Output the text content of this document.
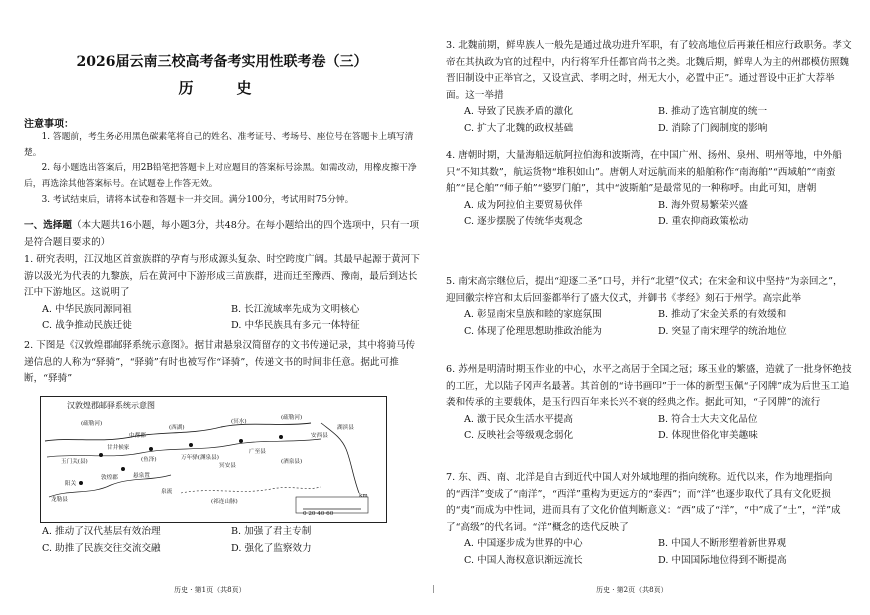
2026届云南三校高考备考实用性联考卷（三）
历　史
注意事项：

1. 答题前，考生务必用黑色碳素笔将自己的姓名、准考证号、考场号、座位号在答题卡上填写清楚。

2. 每小题选出答案后，用2B铅笔把答题卡上对应题目的答案标号涂黑。如需改动，用橡皮擦干净后，再选涂其他答案标号。在试题卷上作答无效。

3. 考试结束后，请将本试卷和答题卡一并交回。满分100分，考试用时75分钟。

一、选择题（本大题共16小题，每小题3分，共48分。在每小题给出的四个选项中，只有一项是符合题目要求的）

1. 研究表明，江汉地区首蛮族群的孕育与形成源头复杂、时空跨度广阔。其最早起源于黄河下游以汲光为代表的九黎族，后在黄河中下游形成三苗族群，进而迁至豫西、豫南，最后到达长江中下游地区。这说明了

A. 中华民族同源同祖	B. 长江流域率先成为文明核心
C. 战争推动民族迁徙	D. 中华民族具有多元一体特征

2. 下图是《汉敦煌郡邮驿系统示意图》。据甘肃悬泉汉简留存的文书传递记录，其中将骑马传递信息的人称为“驿骑”，“驿骑”有时也被写作“译骑”，传递文书的时间非任意。据此可推断，“驿骑”

A. 推动了汉代基层有效治理	B. 加强了君主专制
C. 助推了民族交往交流交融	D. 强化了监察效力
历史 · 第1页（共8页）
汉敦煌郡邮驿系统示意图
(疏勒河)
中都郡
(西湖)
(冥水)
(疏勒河)
安西县
湖滨县
玉门关(县)
甘井候家
(鱼泽)	万年驿(渊泉县)
广至县
阳关
龙勒县
敦煌郡	悬泉置
冥安县
(祁连山脉)
(酒泉县)
泉流
km
0 20 40 60

3. 北魏前期，鲜卑族人一般先是通过战功进升军职，有了较高地位后再兼任相应行政职务。孝文帝在其执政为官的过程中，内行将军升任都官尚书之类。北魏后期，鲜卑人为主的州郡模仿照魏晋旧制设中正举官之，又设宣武、孝明之时，州无大小，必置中正”。通过晋设中正扩大荐举面。这一举措

A. 导致了民族矛盾的激化	B. 推动了选官制度的统一
C. 扩大了北魏的政权基础	D. 消除了门阀制度的影响

4. 唐朝时期，大量海船远航阿拉伯海和波斯湾，在中国广州、扬州、泉州、明州等地，中外船只“不知其数”，航运货物“堆积如山”。唐朝人对远航而来的船舶称作“南海舶”“西域舶”“南蛮舶”“昆仑舶”“师子舶”“婆罗门舶”，其中“波斯舶”是最常见的一种称呼。由此可知，唐朝

A. 成为阿拉伯主要贸易伙伴	B. 海外贸易繁荣兴盛
C. 逐步摆脱了传统华夷观念	D. 重农抑商政策松动

5. 南宋高宗继位后，提出“迎逐二圣”口号，并行“北望”仪式；在宋金和议中坚持“为亲回之”，迎回徽宗梓宫和太后回銮都举行了盛大仪式，并御书《孝经》刻石于州学。高宗此举

A. 彰显南宋皇族和睦的家庭氛围	B. 推动了宋金关系的有效缓和
C. 体现了伦理思想助推政治能为	D. 突显了南宋理学的统治地位

6. 苏州是明清时期玉作业的中心，水平之高居于全国之冠；琢玉业的繁盛，造就了一批身怀绝技的工匠，尤以陆子冈声名最著。其首创的“诗书画印”于一体的新型玉佩“子冈牌”成为后世玉工追袭和传承的主要载体，是玉行四百年来长兴不衰的经典之作。据此可知，“子冈牌”的流行

A. 激于民众生活水平提高	B. 符合士大夫文化品位
C. 反映社会等级观念弱化	D. 体现世俗化审美趣味

7. 东、西、南、北洋是自古到近代中国人对外域地理的指向统称。近代以来，作为地理指向的“西洋”变成了“南洋”，“西洋”重构为更远方的“泰西”；而“洋”也逐步取代了具有文化贬损的“夷”而成为中性词，进而具有了文化价值判断意义：“西”成了“洋”，“中”成了“土”，“洋”成了“高级”的代名词。“洋”概念的迭代反映了

A. 中国逐步成为世界的中心	B. 中国人不断形塑着新世界观
C. 中国人海权意识渐远流长	D. 中国国际地位得到不断提高
历史 · 第2页（共8页）
